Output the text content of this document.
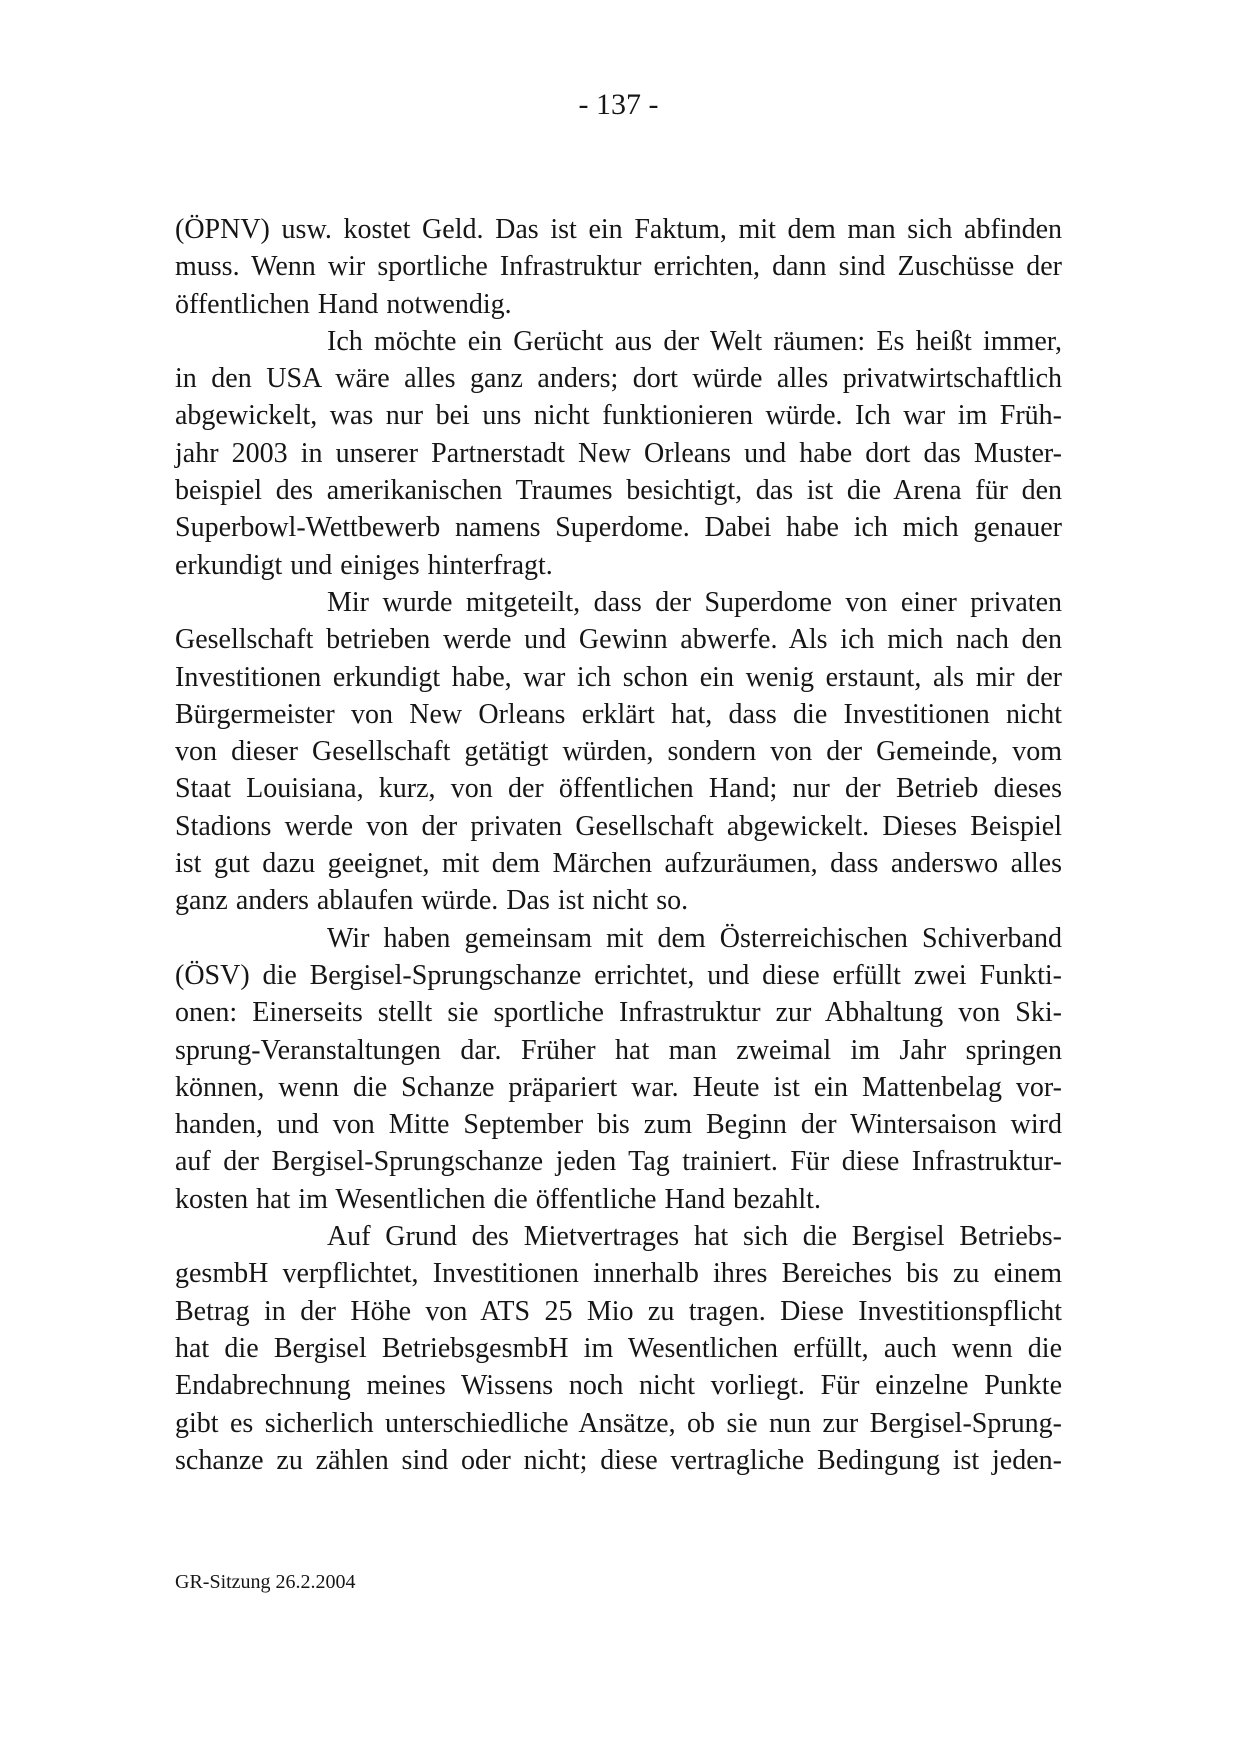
- 137 -
(ÖPNV) usw. kostet Geld. Das ist ein Faktum, mit dem man sich abfinden
muss. Wenn wir sportliche Infrastruktur errichten, dann sind Zuschüsse der
öffentlichen Hand notwendig.
Ich möchte ein Gerücht aus der Welt räumen: Es heißt immer,
in den USA wäre alles ganz anders; dort würde alles privatwirtschaftlich
abgewickelt, was nur bei uns nicht funktionieren würde. Ich war im Früh-
jahr 2003 in unserer Partnerstadt New Orleans und habe dort das Muster-
beispiel des amerikanischen Traumes besichtigt, das ist die Arena für den
Superbowl-Wettbewerb namens Superdome. Dabei habe ich mich genauer
erkundigt und einiges hinterfragt.
Mir wurde mitgeteilt, dass der Superdome von einer privaten
Gesellschaft betrieben werde und Gewinn abwerfe. Als ich mich nach den
Investitionen erkundigt habe, war ich schon ein wenig erstaunt, als mir der
Bürgermeister von New Orleans erklärt hat, dass die Investitionen nicht
von dieser Gesellschaft getätigt würden, sondern von der Gemeinde, vom
Staat Louisiana, kurz, von der öffentlichen Hand; nur der Betrieb dieses
Stadions werde von der privaten Gesellschaft abgewickelt. Dieses Beispiel
ist gut dazu geeignet, mit dem Märchen aufzuräumen, dass anderswo alles
ganz anders ablaufen würde. Das ist nicht so.
Wir haben gemeinsam mit dem Österreichischen Schiverband
(ÖSV) die Bergisel-Sprungschanze errichtet, und diese erfüllt zwei Funkti-
onen: Einerseits stellt sie sportliche Infrastruktur zur Abhaltung von Ski-
sprung-Veranstaltungen dar. Früher hat man zweimal im Jahr springen
können, wenn die Schanze präpariert war. Heute ist ein Mattenbelag vor-
handen, und von Mitte September bis zum Beginn der Wintersaison wird
auf der Bergisel-Sprungschanze jeden Tag trainiert. Für diese Infrastruktur-
kosten hat im Wesentlichen die öffentliche Hand bezahlt.
Auf Grund des Mietvertrages hat sich die Bergisel Betriebs-
gesmbH verpflichtet, Investitionen innerhalb ihres Bereiches bis zu einem
Betrag in der Höhe von ATS 25 Mio zu tragen. Diese Investitionspflicht
hat die Bergisel BetriebsgesmbH im Wesentlichen erfüllt, auch wenn die
Endabrechnung meines Wissens noch nicht vorliegt. Für einzelne Punkte
gibt es sicherlich unterschiedliche Ansätze, ob sie nun zur Bergisel-Sprung-
schanze zu zählen sind oder nicht; diese vertragliche Bedingung ist jeden-
GR-Sitzung 26.2.2004
